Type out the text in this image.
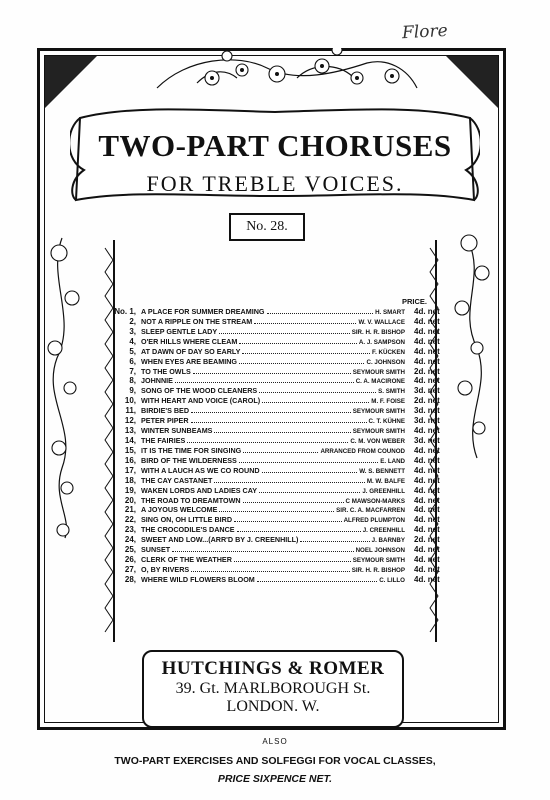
Flore
TWO-PART CHORUSES
FOR TREBLE VOICES.
No. 28.
PRICE.
No. 1, A PLACE FOR SUMMER DREAMING	H. SMART 4d. net
2, NOT A RIPPLE ON THE STREAM	W. V. WALLACE 4d. net
3, SLEEP GENTLE LADY	SIR. H. R. BISHOP 4d. net
4, O'ER HILLS WHERE CLEAM	A. J. SAMPSON 4d. net
5, AT DAWN OF DAY SO EARLY	F. KÜCKEN 4d. net
6, WHEN EYES ARE BEAMING	C. JOHNSON 4d. net
7, TO THE OWLS	SEYMOUR SMITH 2d. net
8, JOHNNIE	C. A. MACIRONE 4d. net
9, SONG OF THE WOOD CLEANERS	S. SMITH 3d. net
10, WITH HEART AND VOICE (CAROL)	M. F. FOISE 2d. net
11, BIRDIE'S BED	SEYMOUR SMITH 3d. net
12, PETER PIPER	C. T. KÜHNE 3d. net
13, WINTER SUNBEAMS	SEYMOUR SMITH 4d. net
14, THE FAIRIES	C. M. VON WEBER 3d. net
15, IT IS THE TIME FOR SINGING	ARRANCED FROM COUNOD 4d. net
16, BIRD OF THE WILDERNESS	E. LAND 4d. net
17, WITH A LAUCH AS WE CO ROUND	W. S. BENNETT 4d. net
18, THE CAY CASTANET	M. W. BALFE 4d. net
19, WAKEN LORDS AND LADIES CAY	J. GREENHILL 4d. net
20, THE ROAD TO DREAMTOWN	C MAWSON-MARKS 4d. net
21, A JOYOUS WELCOME	SIR. C. A. MACFARREN 4d. net
22, SING ON, OH LITTLE BIRD	ALFRED PLUMPTON 4d. net
23, THE CROCODILE'S DANCE	J. CREENHILL 4d. net
24, SWEET AND LOW...(ARR'D BY J. CREENHILL)	J. BARNBY 2d. net
25, SUNSET	NOEL JOHNSON 4d. net
26, CLERK OF THE WEATHER	SEYMOUR SMITH 4d. net
27, O, BY RIVERS	SIR. H. R. BISHOP 4d. net
28, WHERE WILD FLOWERS BLOOM	C. LILLO 4d. net
HUTCHINGS & ROMER
39. Gt. MARLBOROUGH St.
LONDON. W.
ALSO
TWO-PART EXERCISES AND SOLFEGGI FOR VOCAL CLASSES,
PRICE SIXPENCE NET.
